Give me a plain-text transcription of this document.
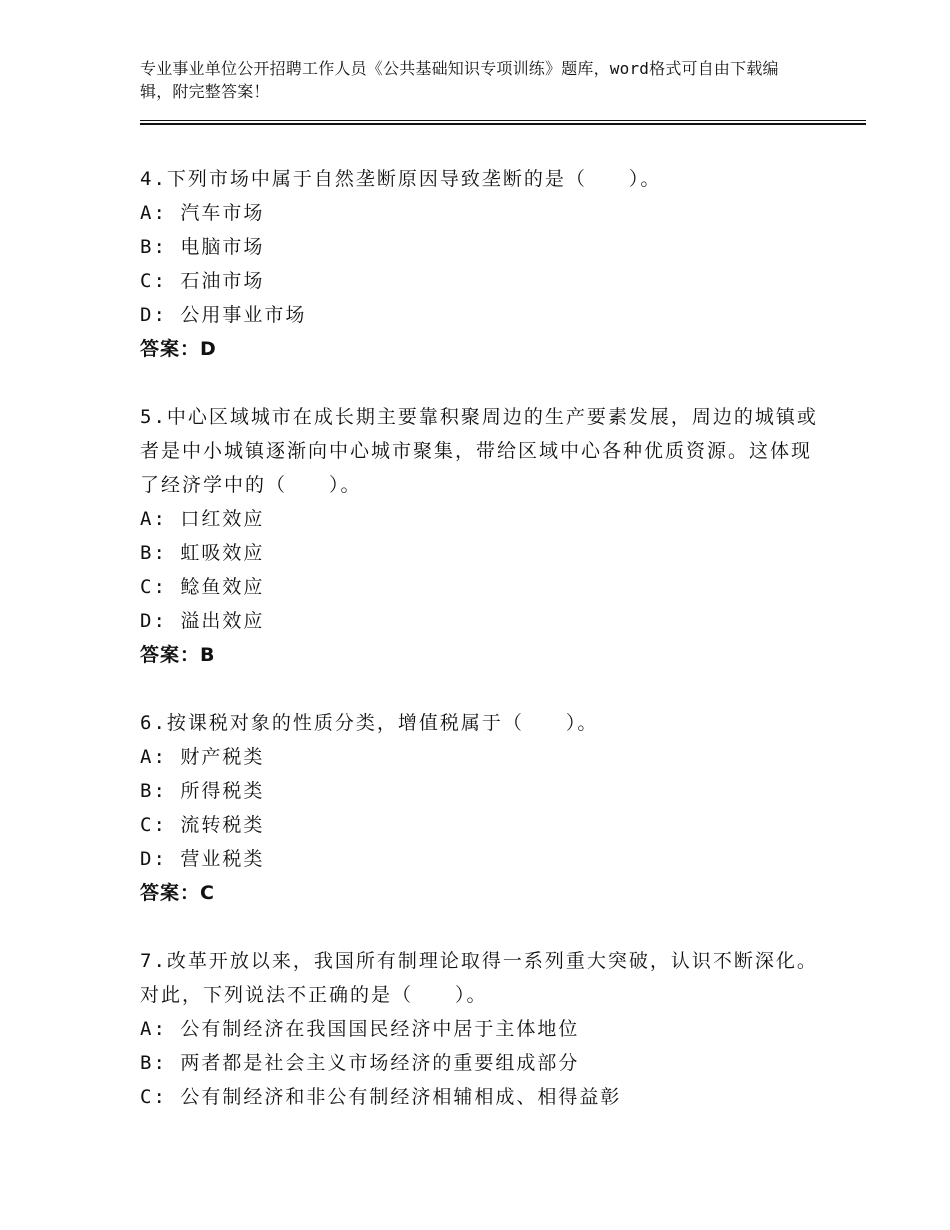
专业事业单位公开招聘工作人员《公共基础知识专项训练》题库，word格式可自由下载编辑，附完整答案！
4.下列市场中属于自然垄断原因导致垄断的是（　　）。
A: 汽车市场
B: 电脑市场
C: 石油市场
D: 公用事业市场
答案：D
5.中心区域城市在成长期主要靠积聚周边的生产要素发展，周边的城镇或者是中小城镇逐渐向中心城市聚集，带给区域中心各种优质资源。这体现了经济学中的（　　）。
A: 口红效应
B: 虹吸效应
C: 鲶鱼效应
D: 溢出效应
答案：B
6.按课税对象的性质分类，增值税属于（　　）。
A: 财产税类
B: 所得税类
C: 流转税类
D: 营业税类
答案：C
7.改革开放以来，我国所有制理论取得一系列重大突破，认识不断深化。对此，下列说法不正确的是（　　）。
A: 公有制经济在我国国民经济中居于主体地位
B: 两者都是社会主义市场经济的重要组成部分
C: 公有制经济和非公有制经济相辅相成、相得益彰
